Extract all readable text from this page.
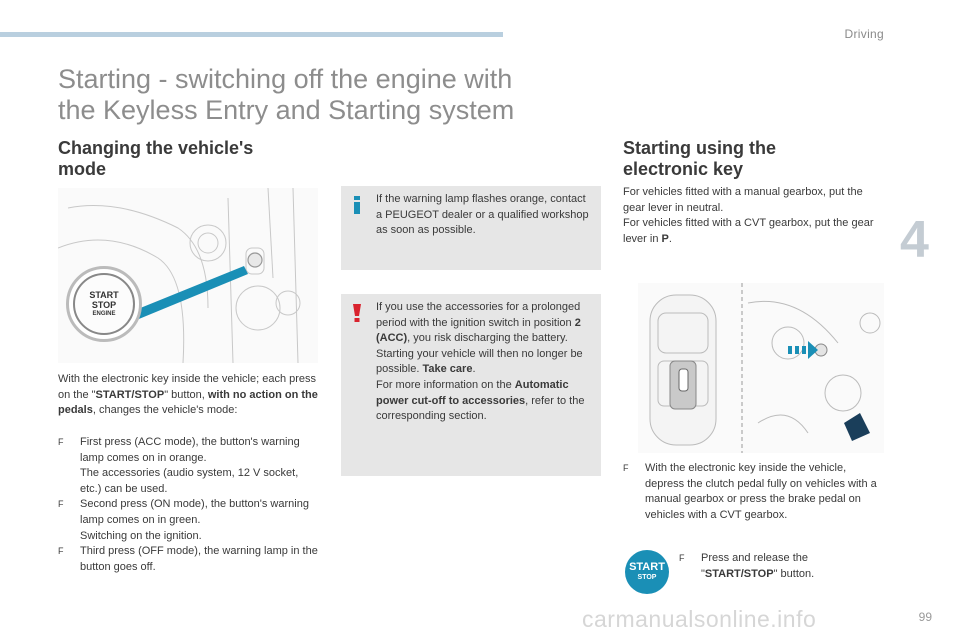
Driving
4
Starting - switching off the engine with
the Keyless Entry and Starting system
Changing the vehicle's
mode
START
STOP
ENGINE

With the electronic key inside the vehicle; each press on the "START/STOP" button, with no action on the pedals, changes the vehicle's mode:

F First press (ACC mode), the button's warning lamp comes on in orange.
The accessories (audio system, 12 V socket, etc.) can be used.
F Second press (ON mode), the button's warning lamp comes on in green.
Switching on the ignition.
F Third press (OFF mode), the warning lamp in the button goes off.
If the warning lamp flashes orange, contact a PEUGEOT dealer or a qualified workshop as soon as possible.
If you use the accessories for a prolonged period with the ignition switch in position 2 (ACC), you risk discharging the battery. Starting your vehicle will then no longer be possible. Take care.
For more information on the Automatic power cut-off to accessories, refer to the corresponding section.
Starting using the
electronic key

For vehicles fitted with a manual gearbox, put the gear lever in neutral.

For vehicles fitted with a CVT gearbox, put the gear lever in P.

F With the electronic key inside the vehicle, depress the clutch pedal fully on vehicles with a manual gearbox or press the brake pedal on vehicles with a CVT gearbox.
START
STOP
F Press and release the "START/STOP" button.
carmanualsonline.info	99
